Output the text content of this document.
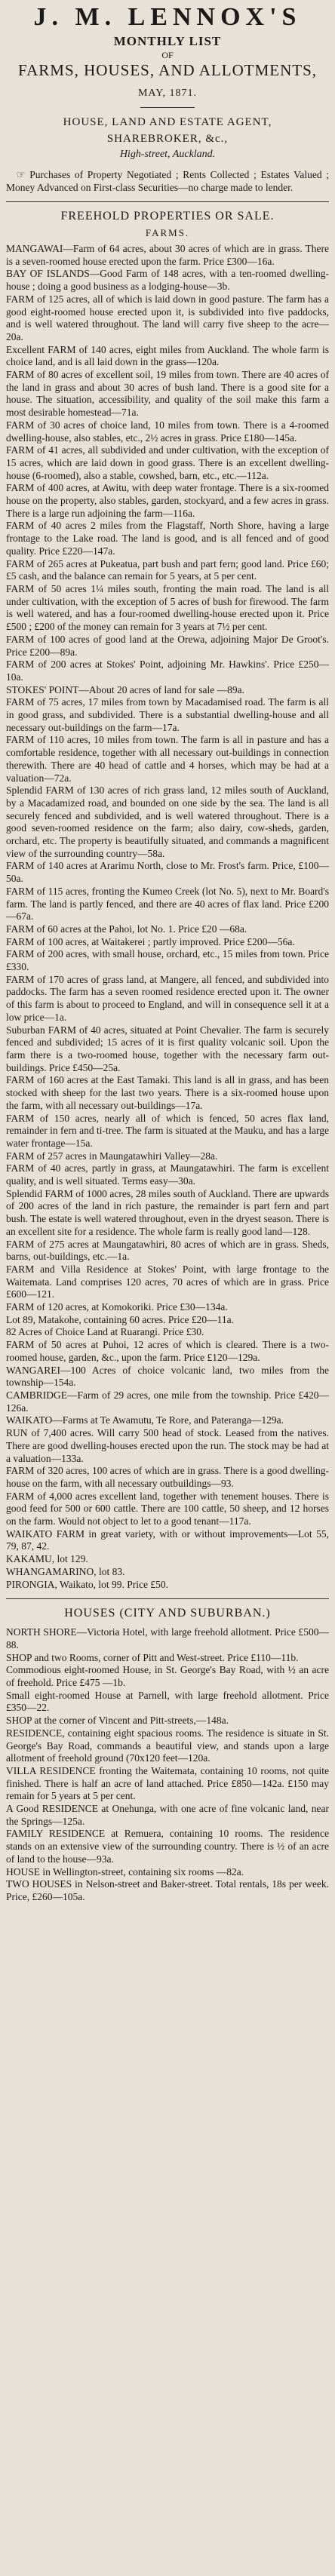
J. M. LENNOX'S
MONTHLY LIST
OF
FARMS, HOUSES, AND ALLOTMENTS,
MAY, 1871.
HOUSE, LAND AND ESTATE AGENT,
SHAREBROKER, &c.,
High-street, Auckland.

☞ Purchases of Property Negotiated ; Rents Collected ; Estates Valued ; Money Advanced on First-class Securities—no charge made to lender.

FREEHOLD PROPERTIES OR SALE.
FARMS.

MANGAWAI—Farm of 64 acres, about 30 acres of which are in grass. There is a seven-roomed house erected upon the farm. Price £300—16a.

BAY OF ISLANDS—Good Farm of 148 acres, with a ten-roomed dwelling-house ; doing a good business as a lodging-house—3b.

FARM of 125 acres, all of which is laid down in good pasture. The farm has a good eight-roomed house erected upon it, is subdivided into five paddocks, and is well watered throughout. The land will carry five sheep to the acre—20a.

Excellent FARM of 140 acres, eight miles from Auckland. The whole farm is choice land, and is all laid down in the grass—120a.

FARM of 80 acres of excellent soil, 19 miles from town. There are 40 acres of the land in grass and about 30 acres of bush land. There is a good site for a house. The situation, accessibility, and quality of the soil make this farm a most desirable homestead—71a.

FARM of 30 acres of choice land, 10 miles from town. There is a 4-roomed dwelling-house, also stables, etc., 2½ acres in grass. Price £180—145a.

FARM of 41 acres, all subdivided and under cultivation, with the exception of 15 acres, which are laid down in good grass. There is an excellent dwelling-house (6-roomed), also a stable, cowshed, barn, etc., etc.—112a.

FARM of 400 acres, at Awitu, with deep water frontage. There is a six-roomed house on the property, also stables, garden, stockyard, and a few acres in grass. There is a large run adjoining the farm—116a.

FARM of 40 acres 2 miles from the Flagstaff, North Shore, having a large frontage to the Lake road. The land is good, and is all fenced and of good quality. Price £220—147a.

FARM of 265 acres at Pukeatua, part bush and part fern; good land. Price £60; £5 cash, and the balance can remain for 5 years, at 5 per cent.

FARM of 50 acres 1¼ miles south, fronting the main road. The land is all under cultivation, with the exception of 5 acres of bush for firewood. The farm is well watered, and has a four-roomed dwelling-house erected upon it. Price £500 ; £200 of the money can remain for 3 years at 7½ per cent.

FARM of 100 acres of good land at the Orewa, adjoining Major De Groot's. Price £200—89a.

FARM of 200 acres at Stokes' Point, adjoining Mr. Hawkins'. Price £250—10a.

STOKES' POINT—About 20 acres of land for sale —89a.

FARM of 75 acres, 17 miles from town by Macadamised road. The farm is all in good grass, and subdivided. There is a substantial dwelling-house and all necessary out-buildings on the farm—17a.

FARM of 110 acres, 10 miles from town. The farm is all in pasture and has a comfortable residence, together with all necessary out-buildings in connection therewith. There are 40 head of cattle and 4 horses, which may be had at a valuation—72a.

Splendid FARM of 130 acres of rich grass land, 12 miles south of Auckland, by a Macadamized road, and bounded on one side by the sea. The land is all securely fenced and subdivided, and is well watered throughout. There is a good seven-roomed residence on the farm; also dairy, cow-sheds, garden, orchard, etc. The property is beautifully situated, and commands a magnificent view of the surrounding country—58a.

FARM of 140 acres at Ararimu North, close to Mr. Frost's farm. Price, £100—50a.

FARM of 115 acres, fronting the Kumeo Creek (lot No. 5), next to Mr. Board's farm. The land is partly fenced, and there are 40 acres of flax land. Price £200—67a.

FARM of 60 acres at the Pahoi, lot No. 1. Price £20 —68a.

FARM of 100 acres, at Waitakerei ; partly improved. Price £200—56a.

FARM of 200 acres, with small house, orchard, etc., 15 miles from town. Price £330.

FARM of 170 acres of grass land, at Mangere, all fenced, and subdivided into paddocks. The farm has a seven roomed residence erected upon it. The owner of this farm is about to proceed to England, and will in consequence sell it at a low price—1a.

Suburban FARM of 40 acres, situated at Point Chevalier. The farm is securely fenced and subdivided; 15 acres of it is first quality volcanic soil. Upon the farm there is a two-roomed house, together with the necessary farm out-buildings. Price £450—25a.

FARM of 160 acres at the East Tamaki. This land is all in grass, and has been stocked with sheep for the last two years. There is a six-roomed house upon the farm, with all necessary out-buildings—17a.

FARM of 150 acres, nearly all of which is fenced, 50 acres flax land, remainder in fern and ti-tree. The farm is situated at the Mauku, and has a large water frontage—15a.

FARM of 257 acres in Maungatawhiri Valley—28a.

FARM of 40 acres, partly in grass, at Maungatawhiri. The farm is excellent quality, and is well situated. Terms easy—30a.

Splendid FARM of 1000 acres, 28 miles south of Auckland. There are upwards of 200 acres of the land in rich pasture, the remainder is part fern and part bush. The estate is well watered throughout, even in the dryest season. There is an excellent site for a residence. The whole farm is really good land—128.

FARM of 275 acres at Maungatawhiri, 80 acres of which are in grass. Sheds, barns, out-buildings, etc.—1a.

FARM and Villa Residence at Stokes' Point, with large frontage to the Waitemata. Land comprises 120 acres, 70 acres of which are in grass. Price £600—121.

FARM of 120 acres, at Komokoriki. Price £30—134a.

Lot 89, Matakohe, containing 60 acres. Price £20—11a.

82 Acres of Choice Land at Ruarangi. Price £30.

FARM of 50 acres at Puhoi, 12 acres of which is cleared. There is a two-roomed house, garden, &c., upon the farm. Price £120—129a.

WANGAREI—100 Acres of choice volcanic land, two miles from the township—154a.

CAMBRIDGE—Farm of 29 acres, one mile from the township. Price £420—126a.

WAIKATO—Farms at Te Awamutu, Te Rore, and Pateranga—129a.

RUN of 7,400 acres. Will carry 500 head of stock. Leased from the natives. There are good dwelling-houses erected upon the run. The stock may be had at a valuation—133a.

FARM of 320 acres, 100 acres of which are in grass. There is a good dwelling-house on the farm, with all necessary outbuildings—93.

FARM of 4,000 acres excellent land, together with tenement houses. There is good feed for 500 or 600 cattle. There are 100 cattle, 50 sheep, and 12 horses on the farm. Would not object to let to a good tenant—117a.

WAIKATO FARM in great variety, with or without improvements—Lot 55, 79, 87, 42.

KAKAMU, lot 129.

WHANGAMARINO, lot 83.

PIRONGIA, Waikato, lot 99. Price £50.

HOUSES (CITY AND SUBURBAN.)

NORTH SHORE—Victoria Hotel, with large freehold allotment. Price £500—88.

SHOP and two Rooms, corner of Pitt and West-street. Price £110—11b.

Commodious eight-roomed House, in St. George's Bay Road, with ½ an acre of freehold. Price £475 —1b.

Small eight-roomed House at Parnell, with large freehold allotment. Price £350—22.

SHOP at the corner of Vincent and Pitt-streets,—148a.

RESIDENCE, containing eight spacious rooms. The residence is situate in St. George's Bay Road, commands a beautiful view, and stands upon a large allotment of freehold ground (70x120 feet—120a.

VILLA RESIDENCE fronting the Waitemata, containing 10 rooms, not quite finished. There is half an acre of land attached. Price £850—142a. £150 may remain for 5 years at 5 per cent.

A Good RESIDENCE at Onehunga, with one acre of fine volcanic land, near the Springs—125a.

FAMILY RESIDENCE at Remuera, containing 10 rooms. The residence stands on an extensive view of the surrounding country. There is ½ of an acre of land to the house—93a.

HOUSE in Wellington-street, containing six rooms —82a.

TWO HOUSES in Nelson-street and Baker-street. Total rentals, 18s per week. Price, £260—105a.
